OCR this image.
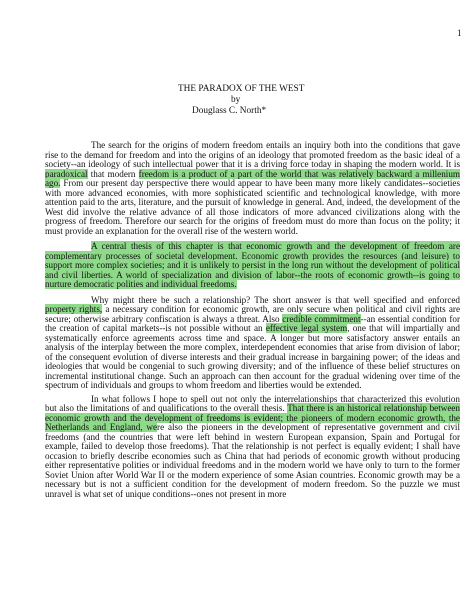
1
THE PARADOX OF THE WEST
by
Douglass C. North*

The search for the origins of modern freedom entails an inquiry both into the conditions that gave rise to the demand for freedom and into the origins of an ideology that promoted freedom as the basic ideal of a society--an ideology of such intellectual power that it is a driving force today in shaping the modern world. It is paradoxical that modern freedom is a product of a part of the world that was relatively backward a millenium ago. From our present day perspective there would appear to have been many more likely candidates--societies with more advanced economies, with more sophisticated scientific and technological knowledge, with more attention paid to the arts, literature, and the pursuit of knowledge in general. And, indeed, the development of the West did involve the relative advance of all those indicators of more advanced civilizations along with the progress of freedom. Therefore our search for the origins of freedom must do more than focus on the polity; it must provide an explanation for the overall rise of the western world.

A central thesis of this chapter is that economic growth and the development of freedom are complementary processes of societal development. Economic growth provides the resources (and leisure) to support more complex societies; and it is unlikely to persist in the long run without the development of political and civil liberties. A world of specialization and division of labor--the roots of economic growth--is going to nurture democratic polities and individual freedoms.

Why might there be such a relationship? The short answer is that well specified and enforced property rights, a necessary condition for economic growth, are only secure when political and civil rights are secure; otherwise arbitrary confiscation is always a threat. Also credible commitment--an essential condition for the creation of capital markets--is not possible without an effective legal system, one that will impartially and systematically enforce agreements across time and space. A longer but more satisfactory answer entails an analysis of the interplay between the more complex, interdependent economies that arise from division of labor; of the consequent evolution of diverse interests and their gradual increase in bargaining power; of the ideas and ideologies that would be congenial to such growing diversity; and of the influence of these belief structures on incremental institutional change. Such an approach can then account for the gradual widening over time of the spectrum of individuals and groups to whom freedom and liberties would be extended.

In what follows I hope to spell out not only the interrelationships that characterized this evolution but also the limitations of and qualifications to the overall thesis. That there is an historical relationship between economic growth and the development of freedoms is evident; the pioneers of modern economic growth, the Netherlands and England, were also the pioneers in the development of representative government and civil freedoms (and the countries that were left behind in western European expansion, Spain and Portugal for example, failed to develop those freedoms). That the relationship is not perfect is equally evident; I shall have occasion to briefly describe economies such as China that had periods of economic growth without producing either representative polities or individual freedoms and in the modern world we have only to turn to the former Soviet Union after World War II or the modern experience of some Asian countries. Economic growth may be a necessary but is not a sufficient condition for the development of modern freedom. So the puzzle we must unravel is what set of unique conditions--ones not present in more
